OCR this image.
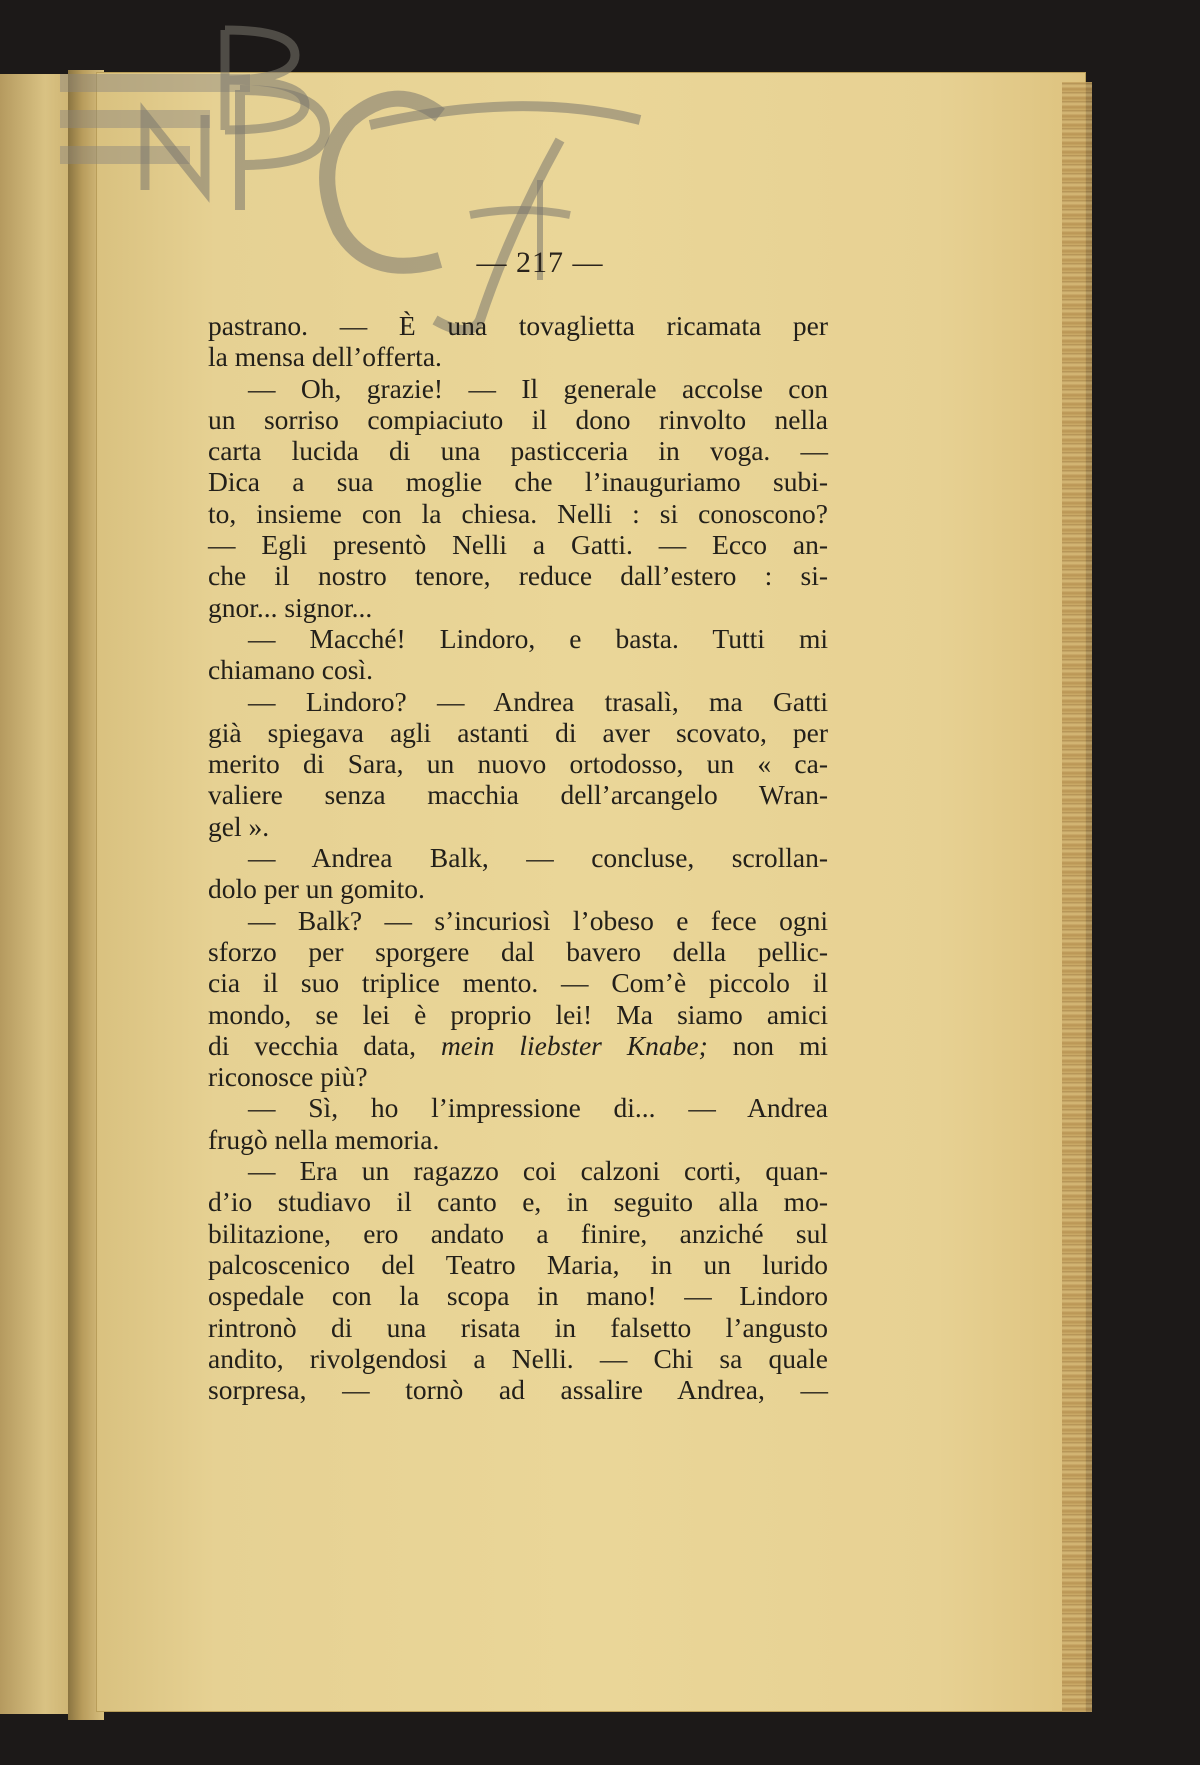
— 217 —

pastrano. — È una tovaglietta ricamata per

la mensa dell’offerta.

— Oh, grazie! — Il generale accolse con

un sorriso compiaciuto il dono rinvolto nella

carta lucida di una pasticceria in voga. —

Dica a sua moglie che l’inauguriamo subi-

to, insieme con la chiesa. Nelli : si conoscono?

— Egli presentò Nelli a Gatti. — Ecco an-

che il nostro tenore, reduce dall’estero : si-

gnor... signor...

— Macché! Lindoro, e basta. Tutti mi

chiamano così.

— Lindoro? — Andrea trasalì, ma Gatti

già spiegava agli astanti di aver scovato, per

merito di Sara, un nuovo ortodosso, un « ca-

valiere senza macchia dell’arcangelo Wran-

gel ».

— Andrea Balk, — concluse, scrollan-

dolo per un gomito.

— Balk? — s’incuriosì l’obeso e fece ogni

sforzo per sporgere dal bavero della pellic-

cia il suo triplice mento. — Com’è piccolo il

mondo, se lei è proprio lei! Ma siamo amici

di vecchia data, mein liebster Knabe; non mi

riconosce più?

— Sì, ho l’impressione di... — Andrea

frugò nella memoria.

— Era un ragazzo coi calzoni corti, quan-

d’io studiavo il canto e, in seguito alla mo-

bilitazione, ero andato a finire, anziché sul

palcoscenico del Teatro Maria, in un lurido

ospedale con la scopa in mano! — Lindoro

rintronò di una risata in falsetto l’angusto

andito, rivolgendosi a Nelli. — Chi sa quale

sorpresa, — tornò ad assalire Andrea, —
